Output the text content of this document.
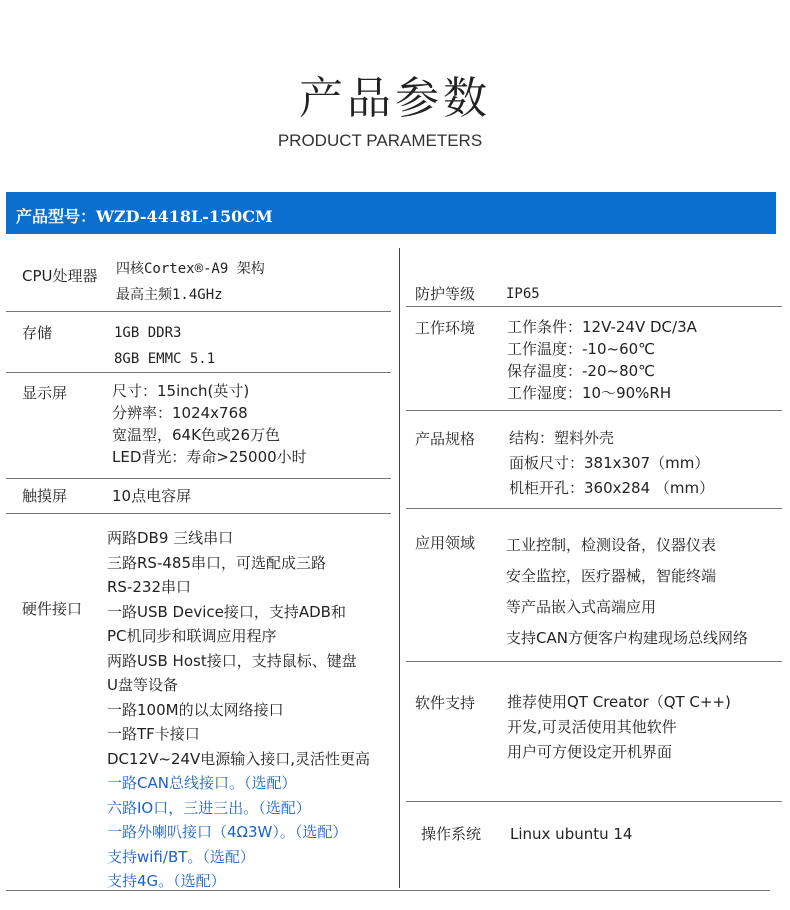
产品参数
PRODUCT PARAMETERS
产品型号：WZD-4418L-150CM
CPU处理器 四核Cortex®-A9 架构
最高主频1.4GHz
存储	1GB DDR3
8GB EMMC 5.1
显示屏	尺寸：15inch(英寸)
分辨率：1024x768
宽温型，64K色或26万色
LED背光：寿命>25000小时
触摸屏	10点电容屏
硬件接口
两路DB9 三线串口
三路RS-485串口，可选配成三路
RS-232串口
一路USB Device接口，支持ADB和
PC机同步和联调应用程序
两路USB Host接口，支持鼠标、键盘
U盘等设备
一路100M的以太网络接口
一路TF卡接口
DC12V~24V电源输入接口,灵活性更高
一路CAN总线接口。（选配）
六路IO口，三进三出。（选配）
一路外喇叭接口（4Ω3W）。（选配）
支持wifi/BT。（选配）
支持4G。（选配）
防护等级 IP65
工作环境 工作条件：12V-24V DC/3A
工作温度：-10~60℃
保存温度：-20~80℃
工作湿度：10～90%RH
产品规格 结构：塑料外壳
面板尺寸：381x307（mm）
机柜开孔：360x284 （mm）
应用领域 工业控制，检测设备，仪器仪表
安全监控，医疗器械，智能终端
等产品嵌入式高端应用
支持CAN方便客户构建现场总线网络
软件支持 推荐使用QT Creator（QT C++)
开发,可灵活使用其他软件
用户可方便设定开机界面
操作系统 Linux ubuntu 14
